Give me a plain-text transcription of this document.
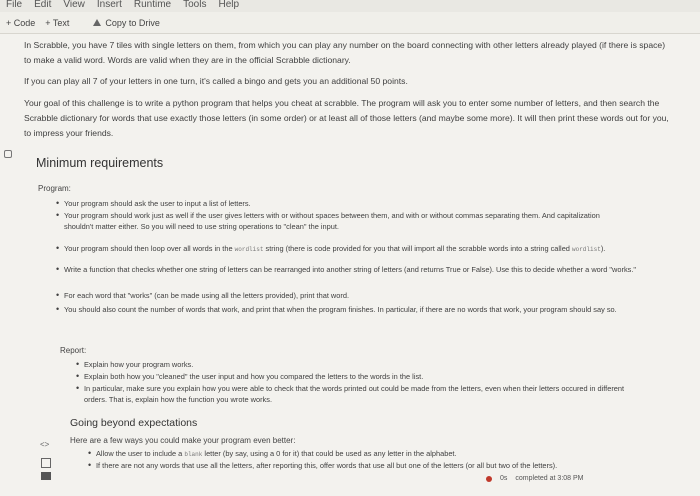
File Edit View Insert Runtime Tools Help
+ Code + Text	Copy to Drive
In Scrabble, you have 7 tiles with single letters on them, from which you can play any number on the board connecting with other letters already played (if there is space) to make a valid word. Words are valid when they are in the official Scrabble dictionary.
If you can play all 7 of your letters in one turn, it's called a bingo and gets you an additional 50 points.
Your goal of this challenge is to write a python program that helps you cheat at scrabble. The program will ask you to enter some number of letters, and then search the Scrabble dictionary for words that use exactly those letters (in some order) or at least all of those letters (and maybe some more). It will then print these words out for you, to impress your friends.
Minimum requirements
Program:
• Your program should ask the user to input a list of letters.
• Your program should work just as well if the user gives letters with or without spaces between them, and with or without commas separating them. And capitalization shouldn't matter either. So you will need to use string operations to "clean" the input.
• Your program should then loop over all words in the wordlist string (there is code provided for you that will import all the scrabble words into a string called wordlist).
• Write a function that checks whether one string of letters can be rearranged into another string of letters (and returns True or False). Use this to decide whether a word "works."
• For each word that "works" (can be made using all the letters provided), print that word.
• You should also count the number of words that work, and print that when the program finishes. In particular, if there are no words that work, your program should say so.
Report:
• Explain how your program works.
• Explain both how you "cleaned" the user input and how you compared the letters to the words in the list.
• In particular, make sure you explain how you were able to check that the words printed out could be made from the letters, even when their letters occured in different orders. That is, explain how the function you wrote works.
Going beyond expectations
Here are a few ways you could make your program even better:
• Allow the user to include a blank letter (by say, using a 0 for it) that could be used as any letter in the alphabet.
• If there are not any words that use all the letters, after reporting this, offer words that use all but one of the letters (or all but two of the letters).
<>
0s completed at 3:08 PM
